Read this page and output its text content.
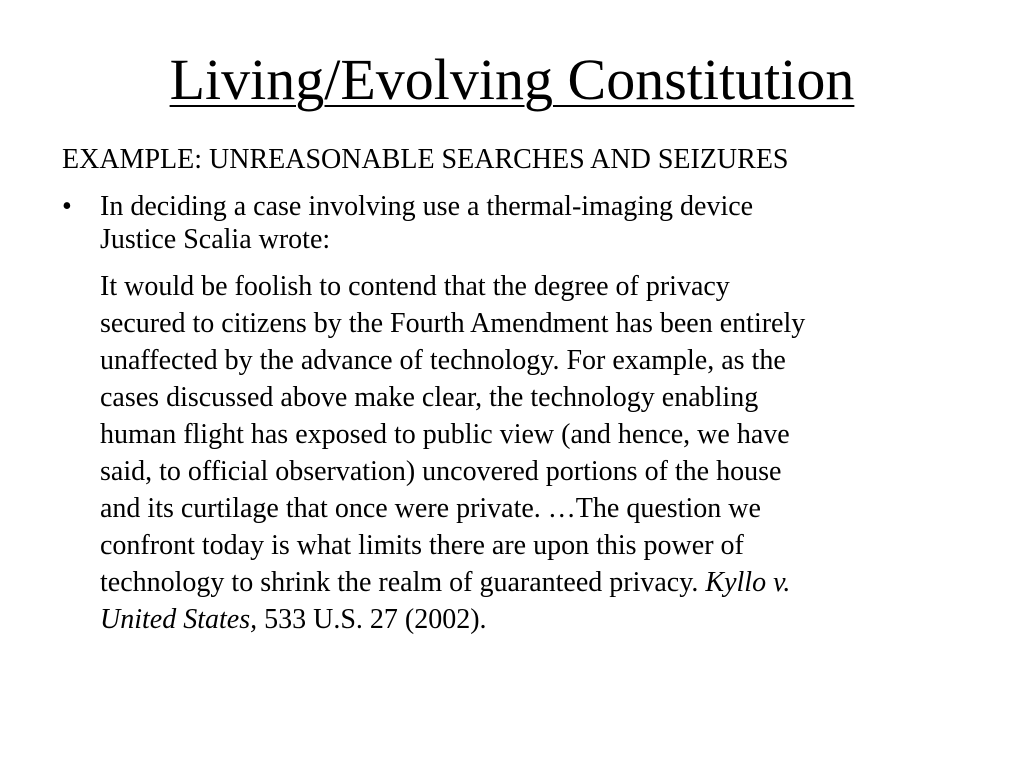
Living/Evolving Constitution

EXAMPLE: UNREASONABLE SEARCHES AND SEIZURES

• In deciding a case involving use a thermal-imaging device
Justice Scalia wrote:

It would be foolish to contend that the degree of privacy
secured to citizens by the Fourth Amendment has been entirely
unaffected by the advance of technology. For example, as the
cases discussed above make clear, the technology enabling
human flight has exposed to public view (and hence, we have
said, to official observation) uncovered portions of the house
and its curtilage that once were private. …The question we
confront today is what limits there are upon this power of
technology to shrink the realm of guaranteed privacy. Kyllo v.
United States, 533 U.S. 27 (2002).
